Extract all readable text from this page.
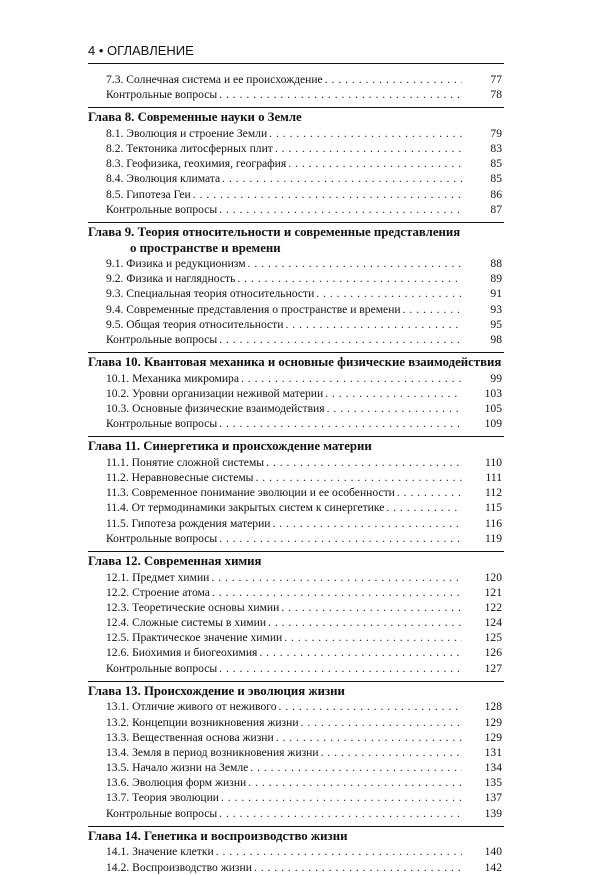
4 • ОГЛАВЛЕНИЕ
7.3. Солнечная система и ее происхождение . . .	77
Контрольные вопросы . . .	78
Глава 8. Современные науки о Земле
8.1. Эволюция и строение Земли . . .	79
8.2. Тектоника литосферных плит . . .	83
8.3. Геофизика, геохимия, география . . .	85
8.4. Эволюция климата . . .	85
8.5. Гипотеза Геи . . .	86
Контрольные вопросы . . .	87
Глава 9. Теория относительности и современные представления
о пространстве и времени
9.1. Физика и редукционизм . . .	88
9.2. Физика и наглядность . . .	89
9.3. Специальная теория относительности . . .	91
9.4. Современные представления о пространстве и времени . . .	93
9.5. Общая теория относительности . . .	95
Контрольные вопросы . . .	98
Глава 10. Квантовая механика и основные физические взаимодействия
10.1. Механика микромира . . .	99
10.2. Уровни организации неживой материи . . .	103
10.3. Основные физические взаимодействия . . .	105
Контрольные вопросы . . .	109
Глава 11. Синергетика и происхождение материи
11.1. Понятие сложной системы . . .	110
11.2. Неравновесные системы . . .	111
11.3. Современное понимание эволюции и ее особенности . . .	112
11.4. От термодинамики закрытых систем к синергетике . . .	115
11.5. Гипотеза рождения материи . . .	116
Контрольные вопросы . . .	119
Глава 12. Современная химия
12.1. Предмет химии . . .	120
12.2. Строение атома . . .	121
12.3. Теоретические основы химии . . .	122
12.4. Сложные системы в химии . . .	124
12.5. Практическое значение химии . . .	125
12.6. Биохимия и биогеохимия . . .	126
Контрольные вопросы . . .	127
Глава 13. Происхождение и эволюция жизни
13.1. Отличие живого от неживого . . .	128
13.2. Концепции возникновения жизни . . .	129
13.3. Вещественная основа жизни . . .	129
13.4. Земля в период возникновения жизни . . .	131
13.5. Начало жизни на Земле . . .	134
13.6. Эволюция форм жизни . . .	135
13.7. Теория эволюции . . .	137
Контрольные вопросы . . .	139
Глава 14. Генетика и воспроизводство жизни
14.1. Значение клетки . . .	140
14.2. Воспроизводство жизни . . .	142
